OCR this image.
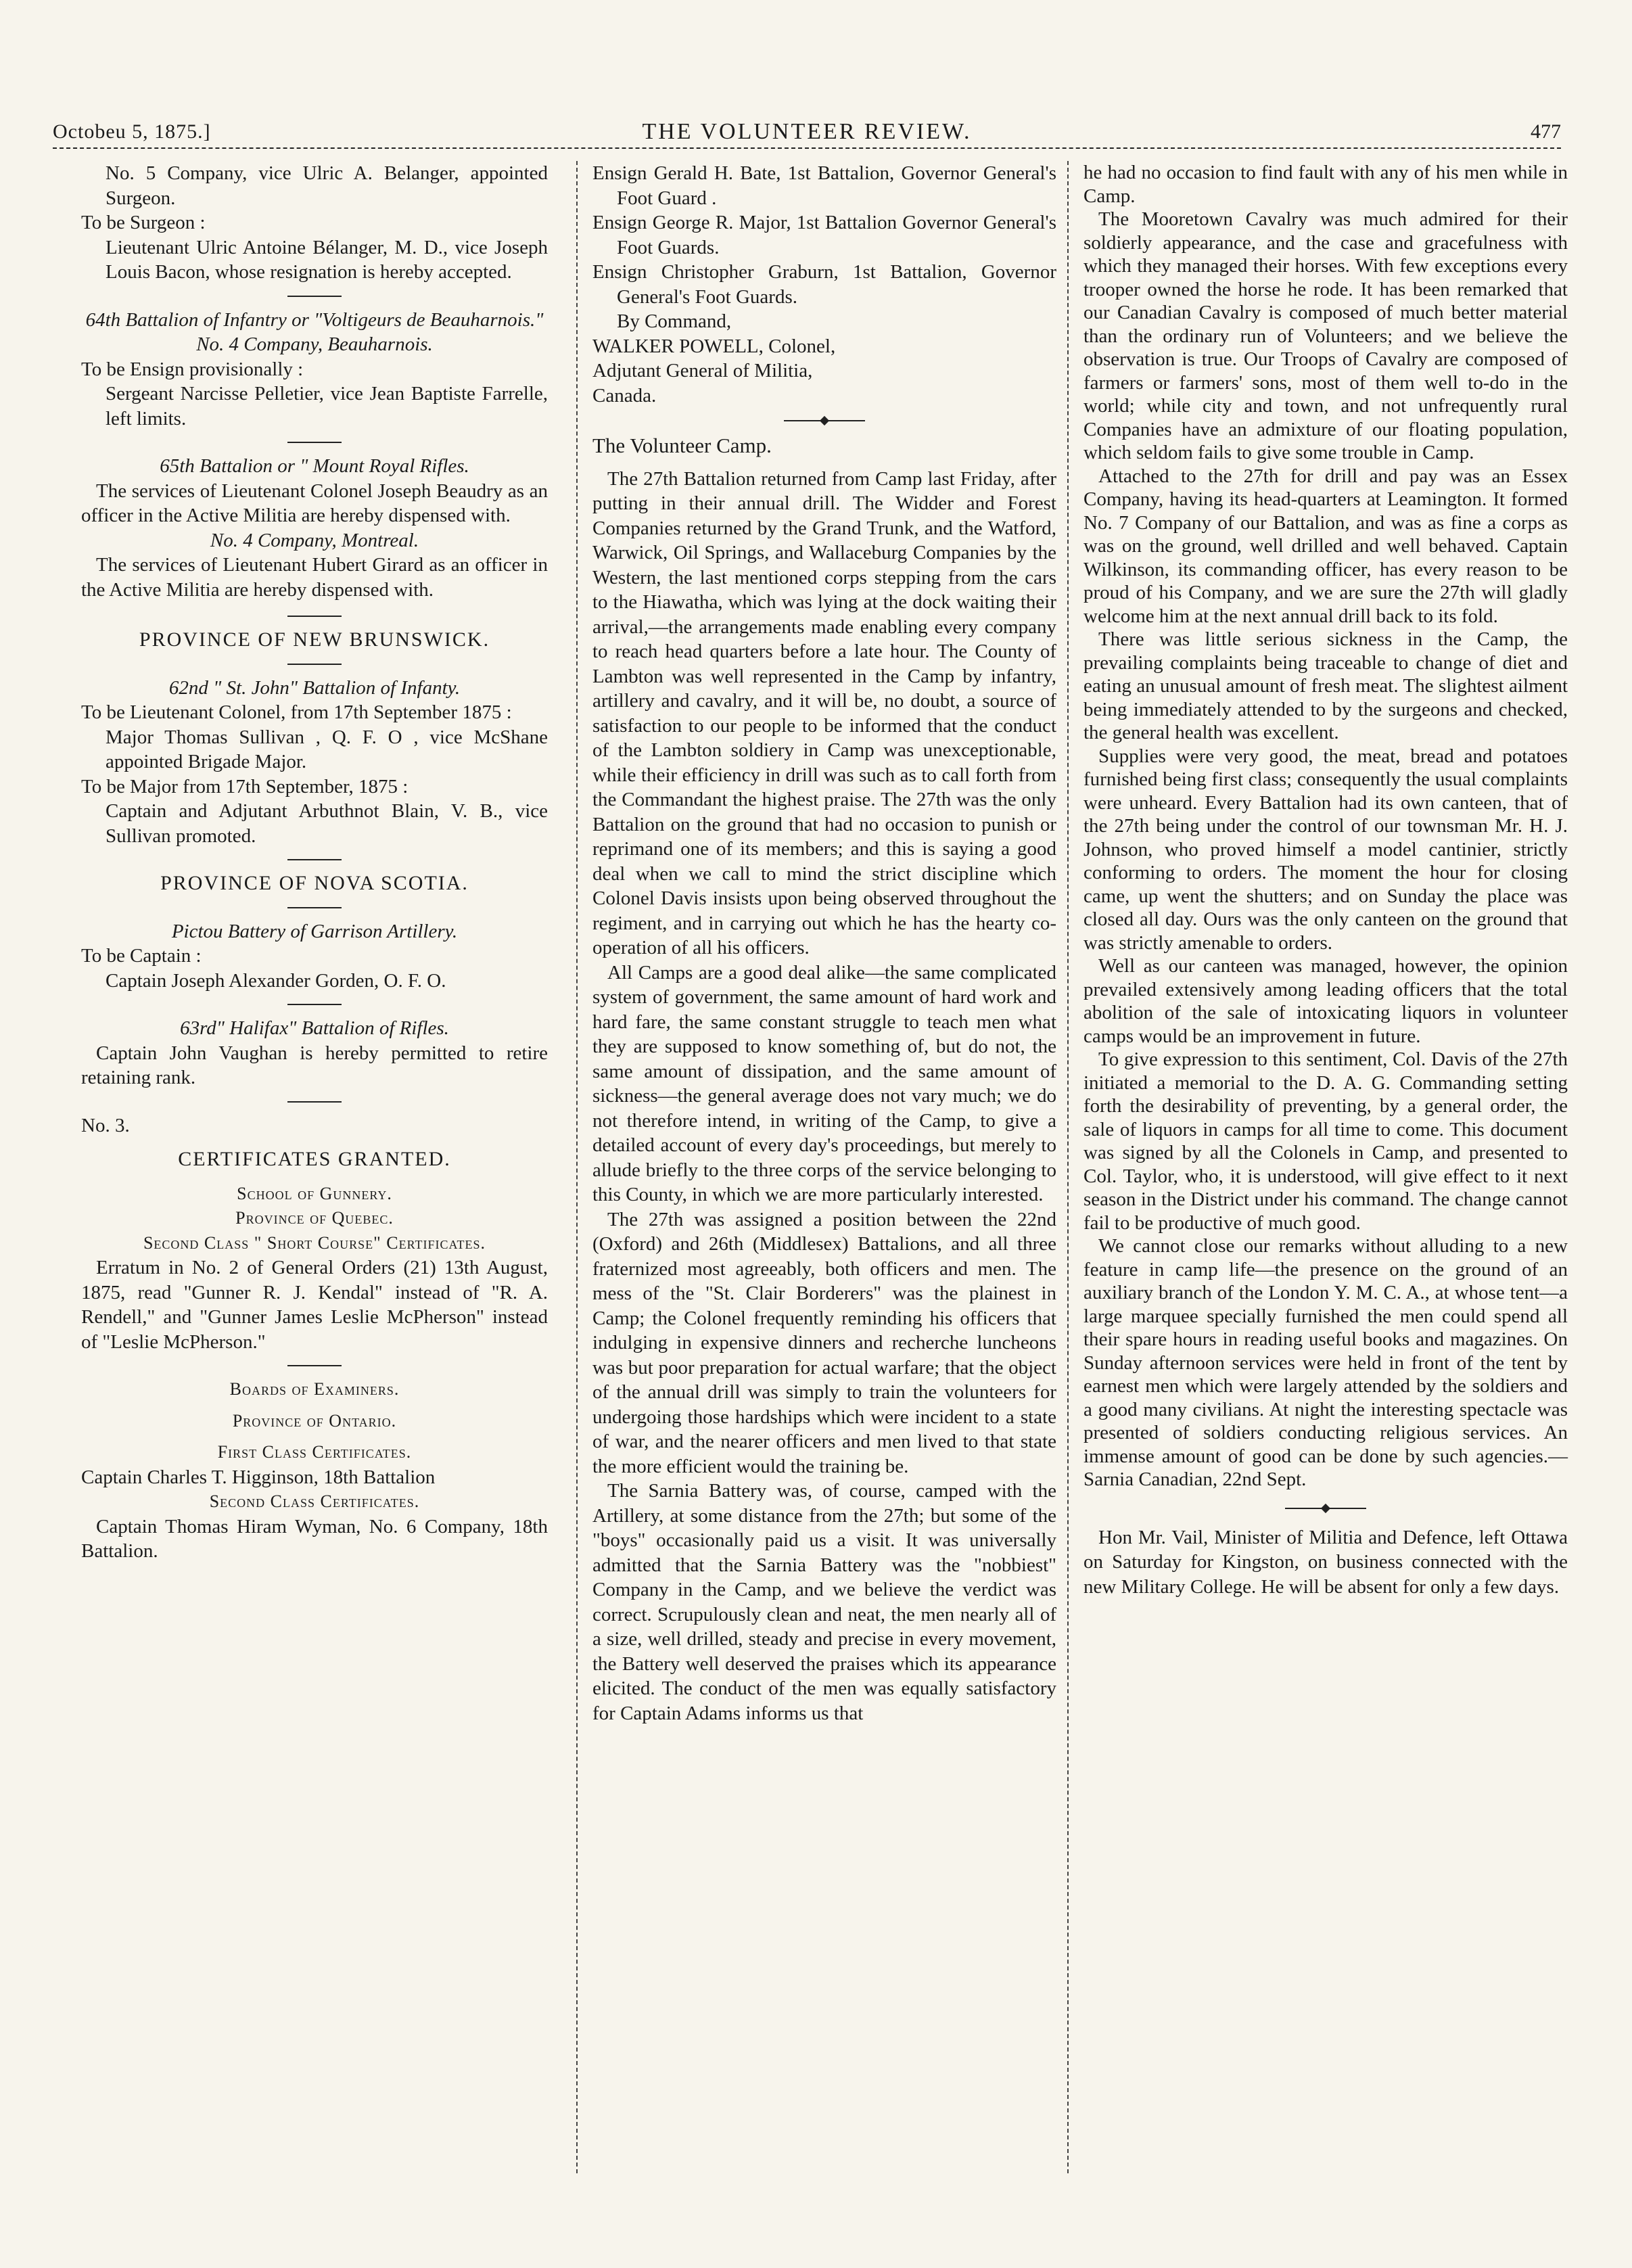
Octobeu 5, 1875.]	THE VOLUNTEER REVIEW.	477

No. 5 Company, vice Ulric A. Belanger, appointed Surgeon.

To be Surgeon :

Lieutenant Ulric Antoine Bélanger, M. D., vice Joseph Louis Bacon, whose resignation is hereby accepted.

64th Battalion of Infantry or "Voltigeurs de Beauharnois."

No. 4 Company, Beauharnois.

To be Ensign provisionally :

Sergeant Narcisse Pelletier, vice Jean Baptiste Farrelle, left limits.

65th Battalion or " Mount Royal Rifles.

The services of Lieutenant Colonel Joseph Beaudry as an officer in the Active Militia are hereby dispensed with.

No. 4 Company, Montreal.

The services of Lieutenant Hubert Girard as an officer in the Active Militia are hereby dispensed with.

PROVINCE OF NEW BRUNSWICK.

62nd " St. John" Battalion of Infanty.

To be Lieutenant Colonel, from 17th September 1875 :

Major Thomas Sullivan , Q. F. O , vice McShane appointed Brigade Major.

To be Major from 17th September, 1875 :

Captain and Adjutant Arbuthnot Blain, V. B., vice Sullivan promoted.

PROVINCE OF NOVA SCOTIA.

Pictou Battery of Garrison Artillery.

To be Captain :

Captain Joseph Alexander Gorden, O. F. O.

63rd" Halifax" Battalion of Rifles.

Captain John Vaughan is hereby permitted to retire retaining rank.

No. 3.

CERTIFICATES GRANTED.

School of Gunnery.

Province of Quebec.

Second Class " Short Course" Certificates.

Erratum in No. 2 of General Orders (21) 13th August, 1875, read "Gunner R. J. Kendal" instead of "R. A. Rendell," and "Gunner James Leslie McPherson" instead of "Leslie McPherson."

Boards of Examiners.

Province of Ontario.

First Class Certificates.

Captain Charles T. Higginson, 18th Battalion

Second Class Certificates.

Captain Thomas Hiram Wyman, No. 6 Company, 18th Battalion.

Ensign Gerald H. Bate, 1st Battalion, Governor General's Foot Guard .

Ensign George R. Major, 1st Battalion Governor General's Foot Guards.

Ensign Christopher Graburn, 1st Battalion, Governor General's Foot Guards.

By Command,

WALKER POWELL, Colonel,

Adjutant General of Militia,

Canada.

The Volunteer Camp.

The 27th Battalion returned from Camp last Friday, after putting in their annual drill. The Widder and Forest Companies returned by the Grand Trunk, and the Watford, Warwick, Oil Springs, and Wallaceburg Companies by the Western, the last mentioned corps stepping from the cars to the Hiawatha, which was lying at the dock waiting their arrival,—the arrangements made enabling every company to reach head quarters before a late hour. The County of Lambton was well represented in the Camp by infantry, artillery and cavalry, and it will be, no doubt, a source of satisfaction to our people to be informed that the conduct of the Lambton soldiery in Camp was unexceptionable, while their efficiency in drill was such as to call forth from the Commandant the highest praise. The 27th was the only Battalion on the ground that had no occasion to punish or reprimand one of its members; and this is saying a good deal when we call to mind the strict discipline which Colonel Davis insists upon being observed throughout the regiment, and in carrying out which he has the hearty co-operation of all his officers.

All Camps are a good deal alike—the same complicated system of government, the same amount of hard work and hard fare, the same constant struggle to teach men what they are supposed to know something of, but do not, the same amount of dissipation, and the same amount of sickness—the general average does not vary much; we do not therefore intend, in writing of the Camp, to give a detailed account of every day's proceedings, but merely to allude briefly to the three corps of the service belonging to this County, in which we are more particularly interested.

The 27th was assigned a position between the 22nd (Oxford) and 26th (Middlesex) Battalions, and all three fraternized most agreeably, both officers and men. The mess of the "St. Clair Borderers" was the plainest in Camp; the Colonel frequently reminding his officers that indulging in expensive dinners and recherche luncheons was but poor preparation for actual warfare; that the object of the annual drill was simply to train the volunteers for undergoing those hardships which were incident to a state of war, and the nearer officers and men lived to that state the more efficient would the training be.

The Sarnia Battery was, of course, camped with the Artillery, at some distance from the 27th; but some of the "boys" occasionally paid us a visit. It was universally admitted that the Sarnia Battery was the "nobbiest" Company in the Camp, and we believe the verdict was correct. Scrupulously clean and neat, the men nearly all of a size, well drilled, steady and precise in every movement, the Battery well deserved the praises which its appearance elicited. The conduct of the men was equally satisfactory for Captain Adams informs us that

he had no occasion to find fault with any of his men while in Camp.

The Mooretown Cavalry was much admired for their soldierly appearance, and the case and gracefulness with which they managed their horses. With few exceptions every trooper owned the horse he rode. It has been remarked that our Canadian Cavalry is composed of much better material than the ordinary run of Volunteers; and we believe the observation is true. Our Troops of Cavalry are composed of farmers or farmers' sons, most of them well to-do in the world; while city and town, and not unfrequently rural Companies have an admixture of our floating population, which seldom fails to give some trouble in Camp.

Attached to the 27th for drill and pay was an Essex Company, having its head-quarters at Leamington. It formed No. 7 Company of our Battalion, and was as fine a corps as was on the ground, well drilled and well behaved. Captain Wilkinson, its commanding officer, has every reason to be proud of his Company, and we are sure the 27th will gladly welcome him at the next annual drill back to its fold.

There was little serious sickness in the Camp, the prevailing complaints being traceable to change of diet and eating an unusual amount of fresh meat. The slightest ailment being immediately attended to by the surgeons and checked, the general health was excellent.

Supplies were very good, the meat, bread and potatoes furnished being first class; consequently the usual complaints were unheard. Every Battalion had its own canteen, that of the 27th being under the control of our townsman Mr. H. J. Johnson, who proved himself a model cantinier, strictly conforming to orders. The moment the hour for closing came, up went the shutters; and on Sunday the place was closed all day. Ours was the only canteen on the ground that was strictly amenable to orders.

Well as our canteen was managed, however, the opinion prevailed extensively among leading officers that the total abolition of the sale of intoxicating liquors in volunteer camps would be an improvement in future.

To give expression to this sentiment, Col. Davis of the 27th initiated a memorial to the D. A. G. Commanding setting forth the desirability of preventing, by a general order, the sale of liquors in camps for all time to come. This document was signed by all the Colonels in Camp, and presented to Col. Taylor, who, it is understood, will give effect to it next season in the District under his command. The change cannot fail to be productive of much good.

We cannot close our remarks without alluding to a new feature in camp life—the presence on the ground of an auxiliary branch of the London Y. M. C. A., at whose tent—a large marquee specially furnished the men could spend all their spare hours in reading useful books and magazines. On Sunday afternoon services were held in front of the tent by earnest men which were largely attended by the soldiers and a good many civilians. At night the interesting spectacle was presented of soldiers conducting religious services. An immense amount of good can be done by such agencies.—Sarnia Canadian, 22nd Sept.

Hon Mr. Vail, Minister of Militia and Defence, left Ottawa on Saturday for Kingston, on business connected with the new Military College. He will be absent for only a few days.
